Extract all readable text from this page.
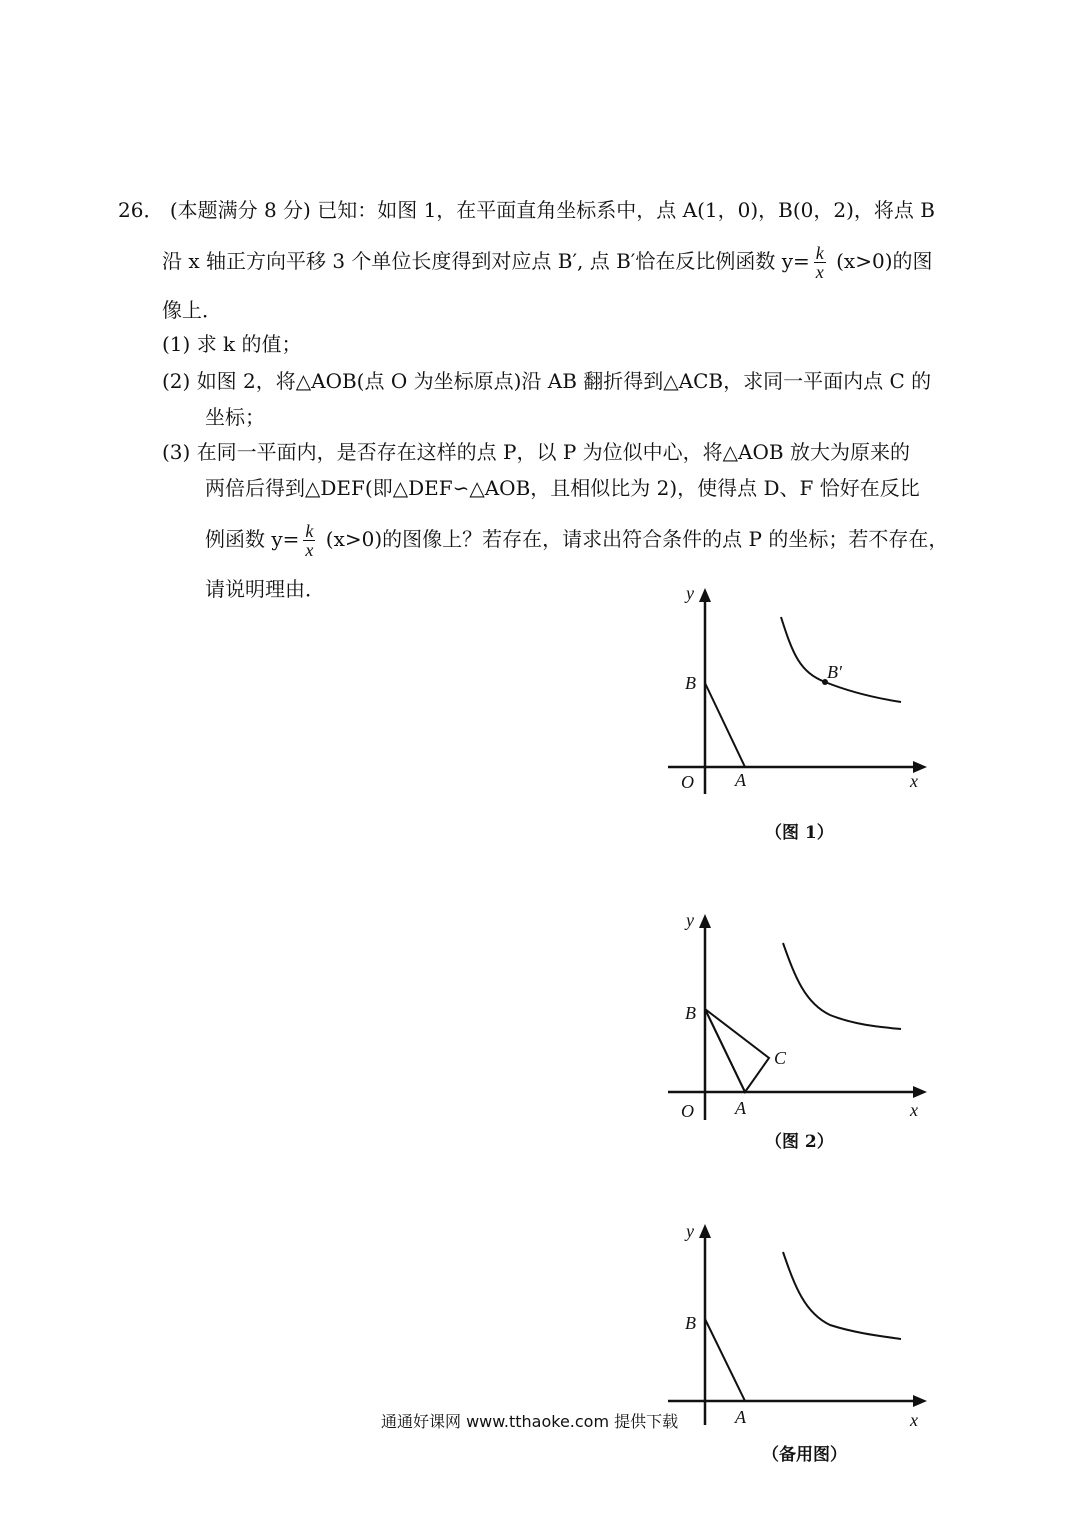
26． (本题满分 8 分) 已知：如图 1，在平面直角坐标系中，点 A(1，0)，B(0，2)，将点 B
沿 x 轴正方向平移 3 个单位长度得到对应点 B′, 点 B′恰在反比例函数 $y= \frac{k}{x} (x>0)$的图
像上．
(1) 求 k 的值；
(2) 如图 2，将△AOB(点 O 为坐标原点)沿 AB 翻折得到△ACB，求同一平面内点 C 的
坐标；
(3) 在同一平面内，是否存在这样的点 P，以 P 为位似中心，将△AOB 放大为原来的
两倍后得到△DEF(即△DEF∽△AOB，且相似比为 2)，使得点 D、F 恰好在反比
例函数 $y= \frac{k}{x} (x>0)$的图像上？若存在，请求出符合条件的点 P 的坐标；若不存在，
请说明理由．	y
x
O A
B
B′
（图 1）
y
x
O A
B
C
（图 2）
y
x
A
B
（备用图）
通通好课网 www.tthaoke.com 提供下载
